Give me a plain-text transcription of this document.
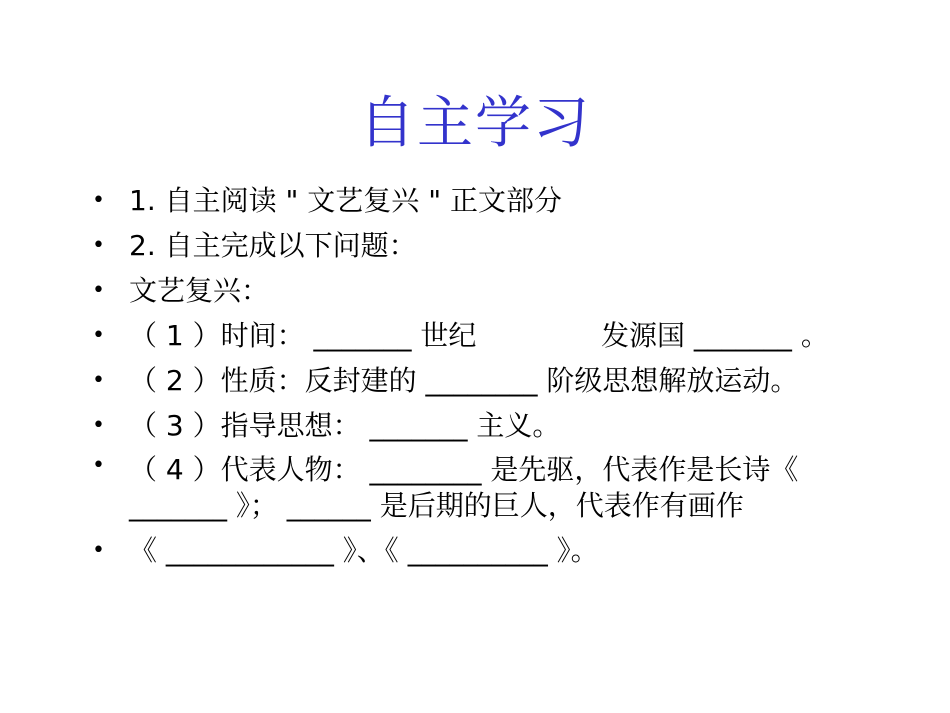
自主学习
• 1. 自主阅读 " 文艺复兴 " 正文部分
• 2. 自主完成以下问题：
• 文艺复兴：
• （ 1 ）时间： _______ 世纪              发源国 _______ 。
• （ 2 ）性质：反封建的 ________ 阶级思想解放运动。
• （ 3 ）指导思想： _______ 主义。
• （ 4 ）代表人物： ________ 是先驱，代表作是长诗《 _______ 》； ______ 是后期的巨人，代表作有画作
• 《 ____________ 》、《 __________ 》。
